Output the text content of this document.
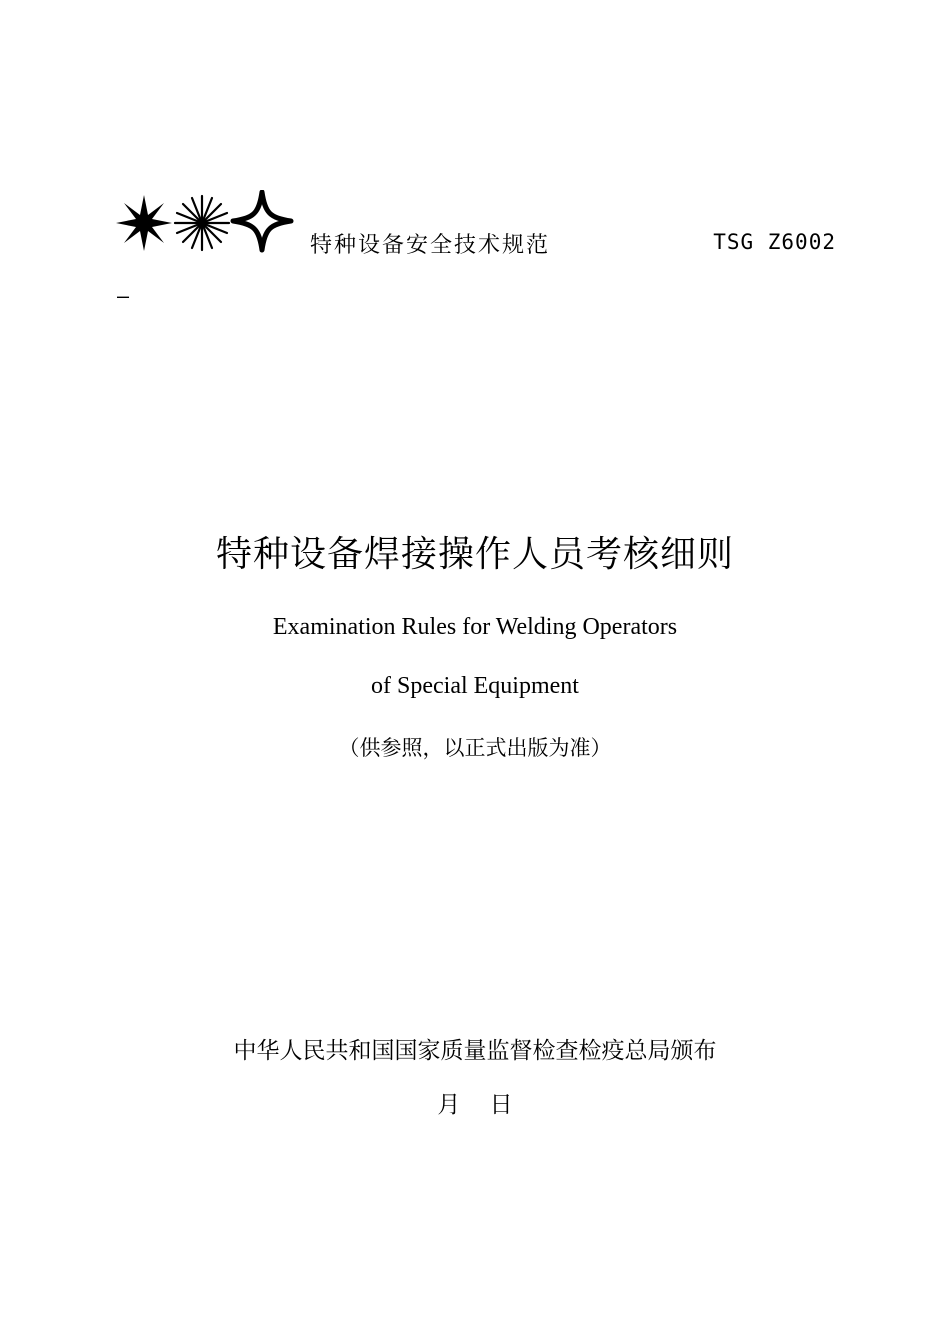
特种设备安全技术规范	TSG Z6002
—
特种设备焊接操作人员考核细则
Examination Rules for Welding Operators
of Special Equipment
（供参照，以正式出版为准）
中华人民共和国国家质量监督检查检疫总局颁布
月    日
